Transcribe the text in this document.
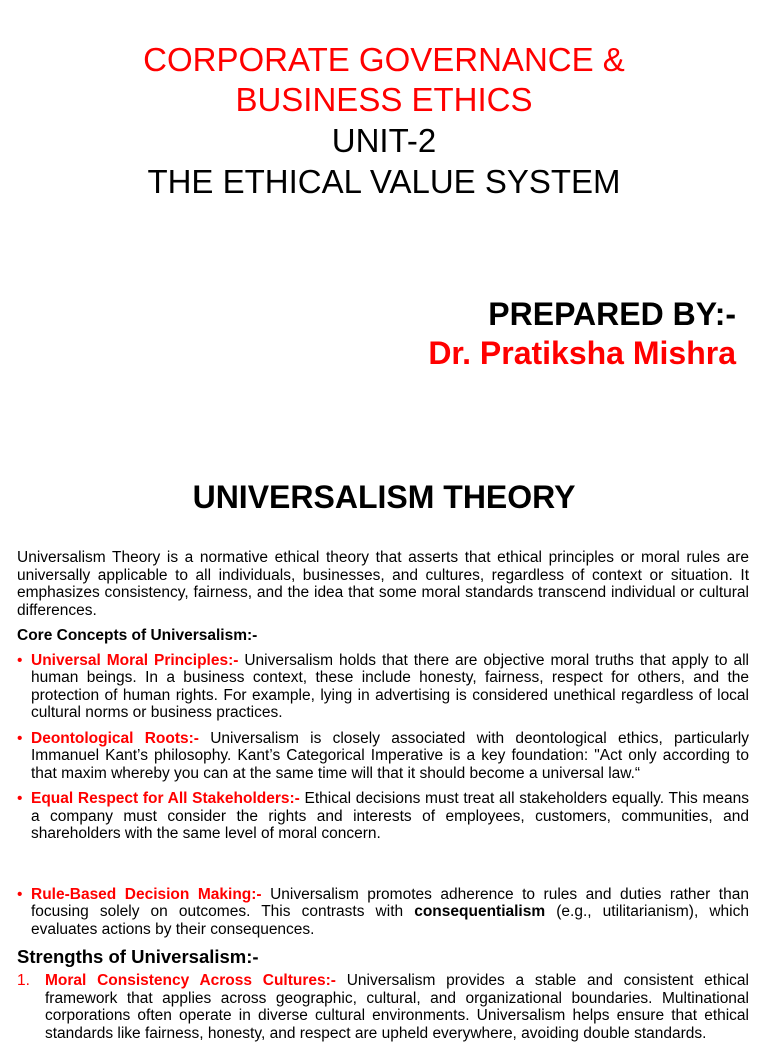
CORPORATE GOVERNANCE &
BUSINESS ETHICS
UNIT-2
THE ETHICAL VALUE SYSTEM
PREPARED BY:-
Dr. Pratiksha Mishra
UNIVERSALISM THEORY

Universalism Theory is a normative ethical theory that asserts that ethical principles or moral rules are universally applicable to all individuals, businesses, and cultures, regardless of context or situation. It emphasizes consistency, fairness, and the idea that some moral standards transcend individual or cultural differences.

Core Concepts of Universalism:-

• Universal Moral Principles:- Universalism holds that there are objective moral truths that apply to all human beings. In a business context, these include honesty, fairness, respect for others, and the protection of human rights. For example, lying in advertising is considered unethical regardless of local cultural norms or business practices.
• Deontological Roots:- Universalism is closely associated with deontological ethics, particularly Immanuel Kant’s philosophy. Kant’s Categorical Imperative is a key foundation: "Act only according to that maxim whereby you can at the same time will that it should become a universal law.“
• Equal Respect for All Stakeholders:- Ethical decisions must treat all stakeholders equally. This means a company must consider the rights and interests of employees, customers, communities, and shareholders with the same level of moral concern.
• Rule-Based Decision Making:- Universalism promotes adherence to rules and duties rather than focusing solely on outcomes. This contrasts with consequentialism (e.g., utilitarianism), which evaluates actions by their consequences.

Strengths of Universalism:-

1. Moral Consistency Across Cultures:- Universalism provides a stable and consistent ethical framework that applies across geographic, cultural, and organizational boundaries. Multinational corporations often operate in diverse cultural environments. Universalism helps ensure that ethical standards like fairness, honesty, and respect are upheld everywhere, avoiding double standards.
